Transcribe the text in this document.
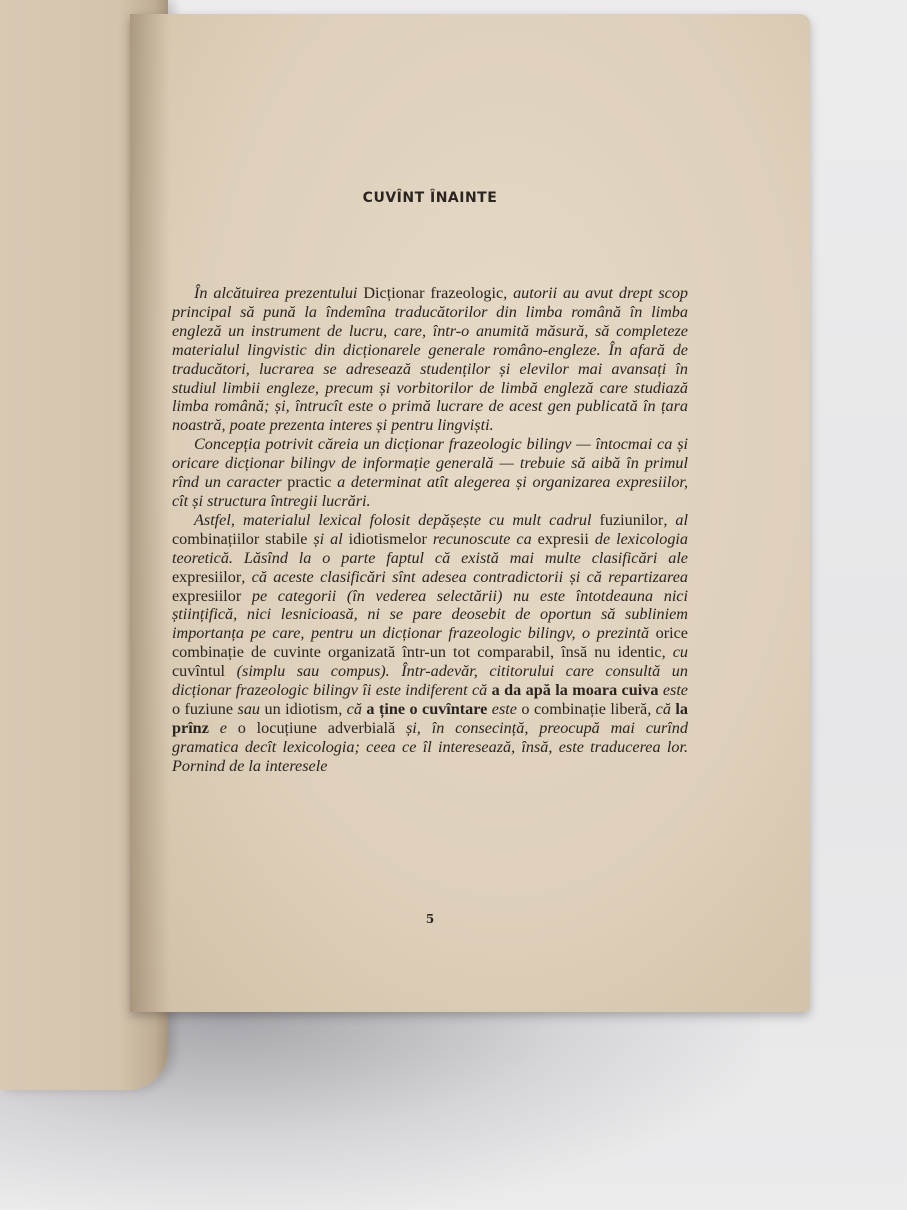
CUVÎNT ÎNAINTE

În alcătuirea prezentului Dicționar frazeologic, autorii au avut drept scop principal să pună la îndemîna traducătorilor din limba română în limba engleză un instrument de lucru, care, într-o anumită măsură, să completeze materialul lingvistic din dicționarele generale româno-engleze. În afară de traducători, lucrarea se adresează studenților și elevilor mai avansați în studiul limbii engleze, precum și vorbitorilor de limbă engleză care studiază limba română; și, întrucît este o primă lucrare de acest gen publicată în țara noastră, poate prezenta interes și pentru lingviști.

Concepția potrivit căreia un dicționar frazeologic bilingv — întocmai ca și oricare dicționar bilingv de informație generală — trebuie să aibă în primul rînd un caracter practic a determinat atît alegerea și organizarea expresiilor, cît și structura întregii lucrări.

Astfel, materialul lexical folosit depășește cu mult cadrul fuziunilor, al combinațiilor stabile și al idiotismelor recunoscute ca expresii de lexicologia teoretică. Lăsînd la o parte faptul că există mai multe clasificări ale expresiilor, că aceste clasificări sînt adesea contradictorii și că repartizarea expresiilor pe categorii (în vederea selectării) nu este întotdeauna nici științifică, nici lesnicioasă, ni se pare deosebit de oportun să subliniem importanța pe care, pentru un dicționar frazeologic bilingv, o prezintă orice combinație de cuvinte organizată într-un tot comparabil, însă nu identic, cu cuvîntul (simplu sau compus). Într-adevăr, cititorului care consultă un dicționar frazeologic bilingv îi este indiferent că a da apă la moara cuiva este o fuziune sau un idiotism, că a ține o cuvîntare este o combinație liberă, că la prînz e o locuțiune adverbială și, în consecință, preocupă mai curînd gramatica decît lexicologia; ceea ce îl interesează, însă, este traducerea lor. Pornind de la interesele

5
